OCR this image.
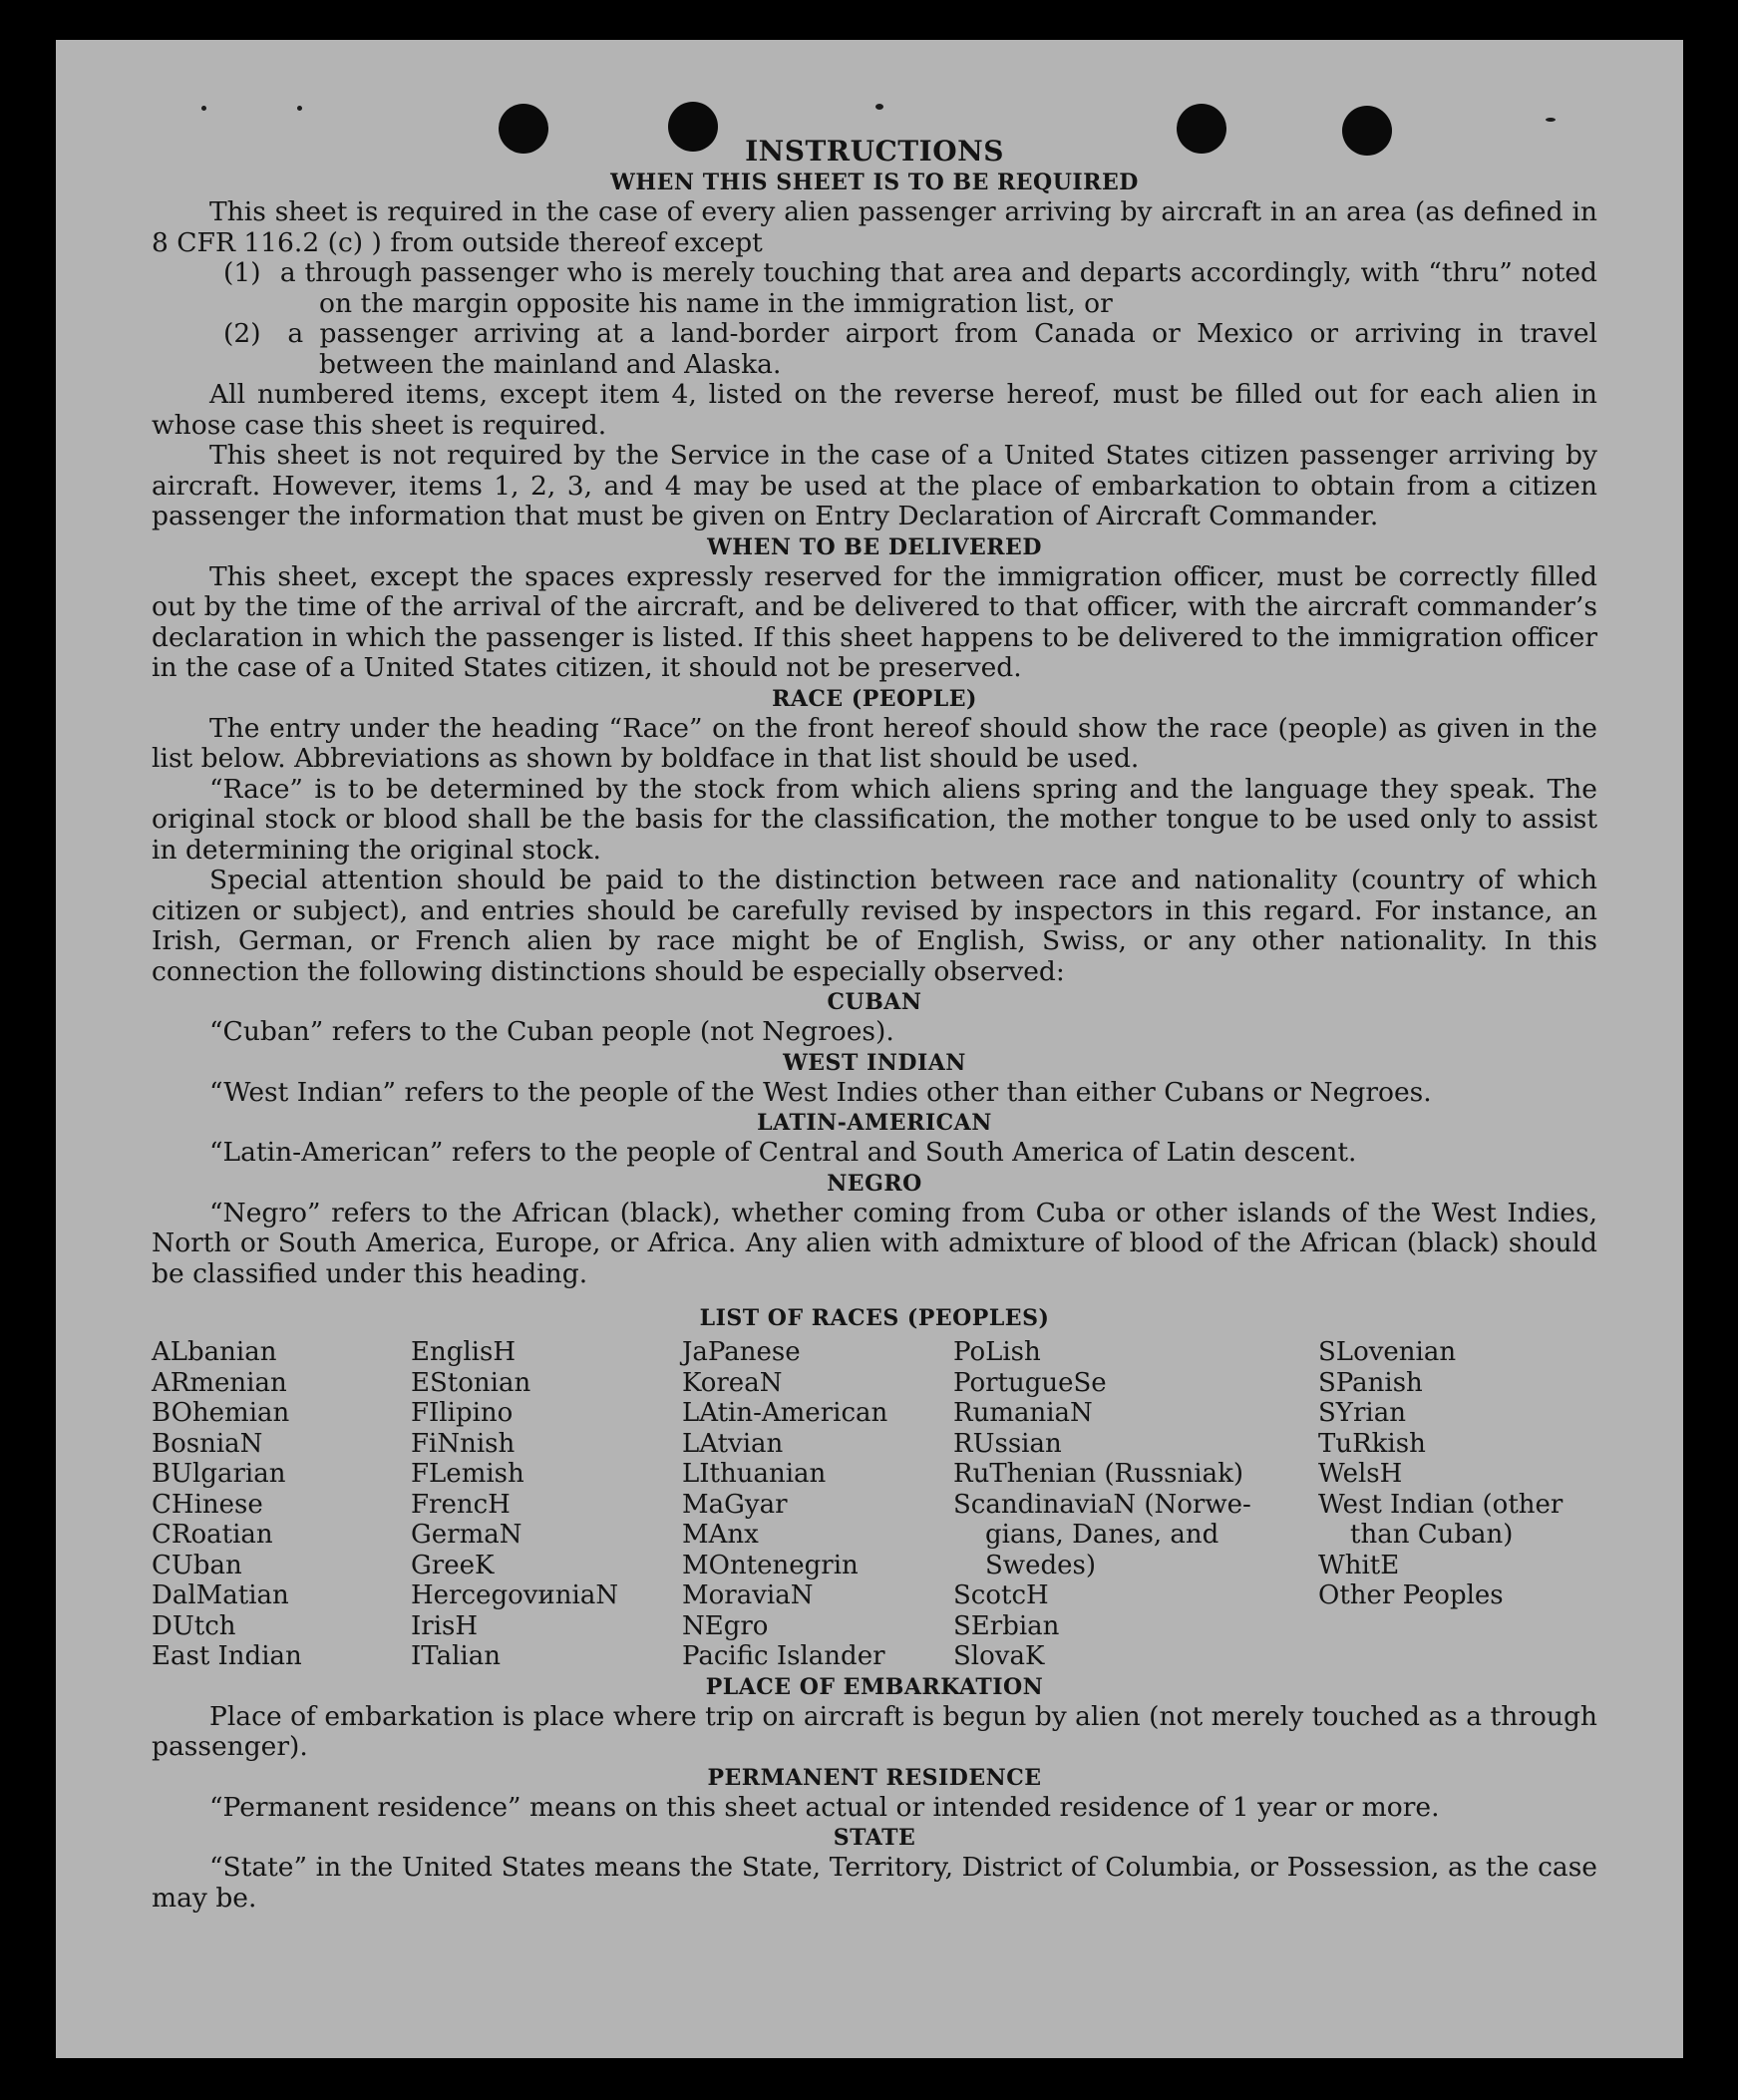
INSTRUCTIONS
WHEN THIS SHEET IS TO BE REQUIRED

This sheet is required in the case of every alien passenger arriving by aircraft in an area (as defined in 8 CFR 116.2 (c) ) from outside thereof except

(1) a through passenger who is merely touching that area and departs accordingly, with “thru” noted on the margin opposite his name in the immigration list, or

(2) a passenger arriving at a land-border airport from Canada or Mexico or arriving in travel between the mainland and Alaska.

All numbered items, except item 4, listed on the reverse hereof, must be filled out for each alien in whose case this sheet is required.

This sheet is not required by the Service in the case of a United States citizen passenger arriving by aircraft. However, items 1, 2, 3, and 4 may be used at the place of embarkation to obtain from a citizen passenger the information that must be given on Entry Declaration of Aircraft Commander.

WHEN TO BE DELIVERED

This sheet, except the spaces expressly reserved for the immigration officer, must be correctly filled out by the time of the arrival of the aircraft, and be delivered to that officer, with the aircraft commander’s declaration in which the passenger is listed. If this sheet happens to be delivered to the immigration officer in the case of a United States citizen, it should not be preserved.

RACE (PEOPLE)

The entry under the heading “Race” on the front hereof should show the race (people) as given in the list below. Abbreviations as shown by boldface in that list should be used.

“Race” is to be determined by the stock from which aliens spring and the language they speak. The original stock or blood shall be the basis for the classification, the mother tongue to be used only to assist in determining the original stock.

Special attention should be paid to the distinction between race and nationality (country of which citizen or subject), and entries should be carefully revised by inspectors in this regard. For instance, an Irish, German, or French alien by race might be of English, Swiss, or any other nationality. In this connection the following distinctions should be especially observed:

CUBAN

“Cuban” refers to the Cuban people (not Negroes).

WEST INDIAN

“West Indian” refers to the people of the West Indies other than either Cubans or Negroes.

LATIN-AMERICAN

“Latin-American” refers to the people of Central and South America of Latin descent.

NEGRO

“Negro” refers to the African (black), whether coming from Cuba or other islands of the West Indies, North or South America, Europe, or Africa. Any alien with admixture of blood of the African (black) should be classified under this heading.

LIST OF RACES (PEOPLES)
ALbanian
ARmenian
BOhemian
BosniaN
BUlgarian
CHinese
CRoatian
CUban
DalMatian
DUtch
East Indian
EnglisH
EStonian
FIlipino
FiNnish
FLemish
FrencH
GermaN
GreeK
HercegovиniaN
IrisH
ITalian
JaPanese
KoreaN
LAtin-American
LAtvian
LIthuanian
MaGyar
MAnx
MOntenegrin
MoraviaN
NEgro
Pacific Islander
PoLish
PortugueSe
RumaniaN
RUssian
RuThenian (Russniak)
ScandinaviaN (Norwe-
gians, Danes, and
Swedes)
ScotcH
SErbian
SlovaK
SLovenian
SPanish
SYrian
TuRkish
WelsH
West Indian (other
than Cuban)
WhitE
Other Peoples
PLACE OF EMBARKATION

Place of embarkation is place where trip on aircraft is begun by alien (not merely touched as a through passenger).

PERMANENT RESIDENCE

“Permanent residence” means on this sheet actual or intended residence of 1 year or more.

STATE

“State” in the United States means the State, Territory, District of Columbia, or Possession, as the case may be.
